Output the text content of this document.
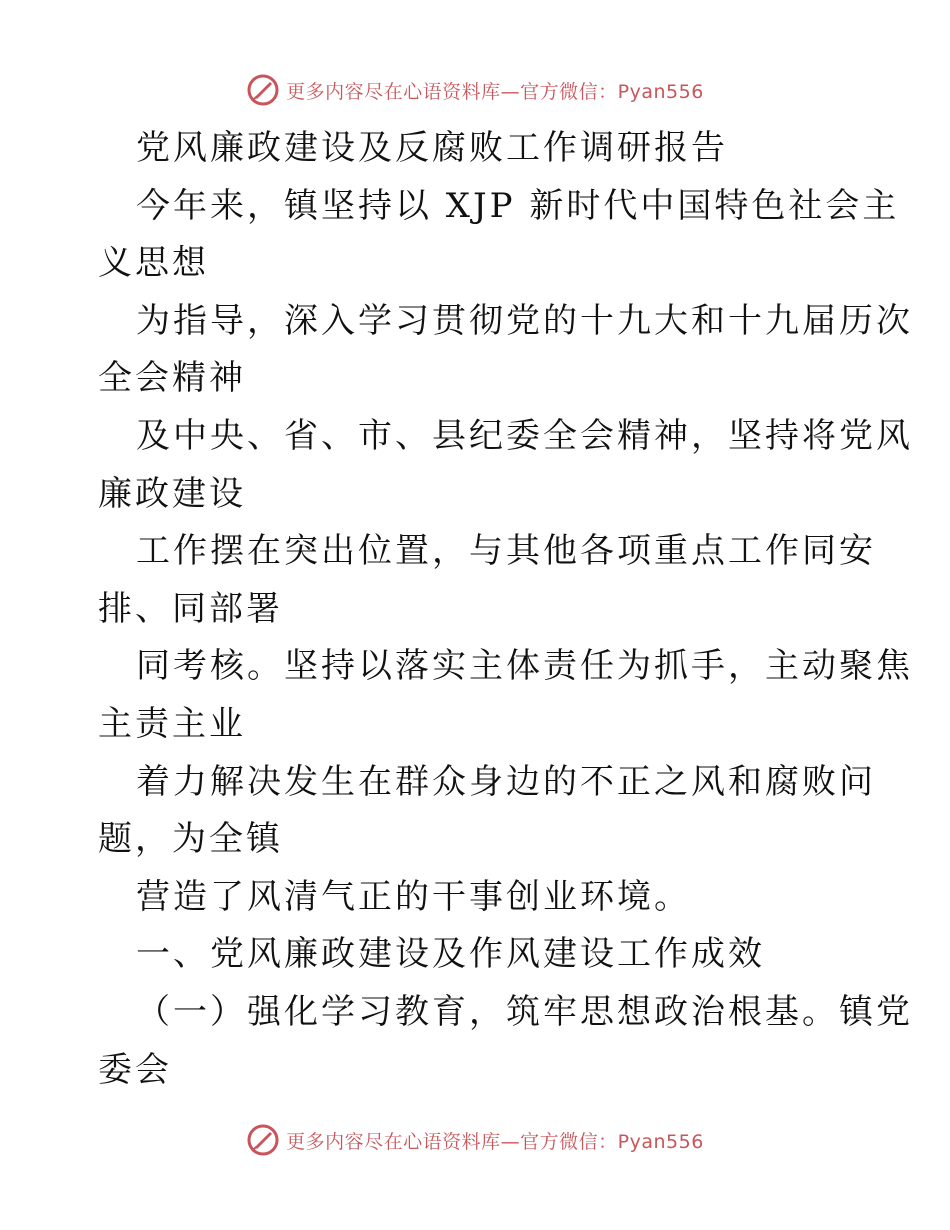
更多内容尽在心语资料库—官方微信：Pyan556
党风廉政建设及反腐败工作调研报告
今年来，镇坚持以 XJP 新时代中国特色社会主
义思想
为指导，深入学习贯彻党的十九大和十九届历次
全会精神
及中央、省、市、县纪委全会精神，坚持将党风
廉政建设
工作摆在突出位置，与其他各项重点工作同安
排、同部署
同考核。坚持以落实主体责任为抓手，主动聚焦
主责主业
着力解决发生在群众身边的不正之风和腐败问
题，为全镇
营造了风清气正的干事创业环境。
一、党风廉政建设及作风建设工作成效
（一）强化学习教育，筑牢思想政治根基。镇党
委会
更多内容尽在心语资料库—官方微信：Pyan556
